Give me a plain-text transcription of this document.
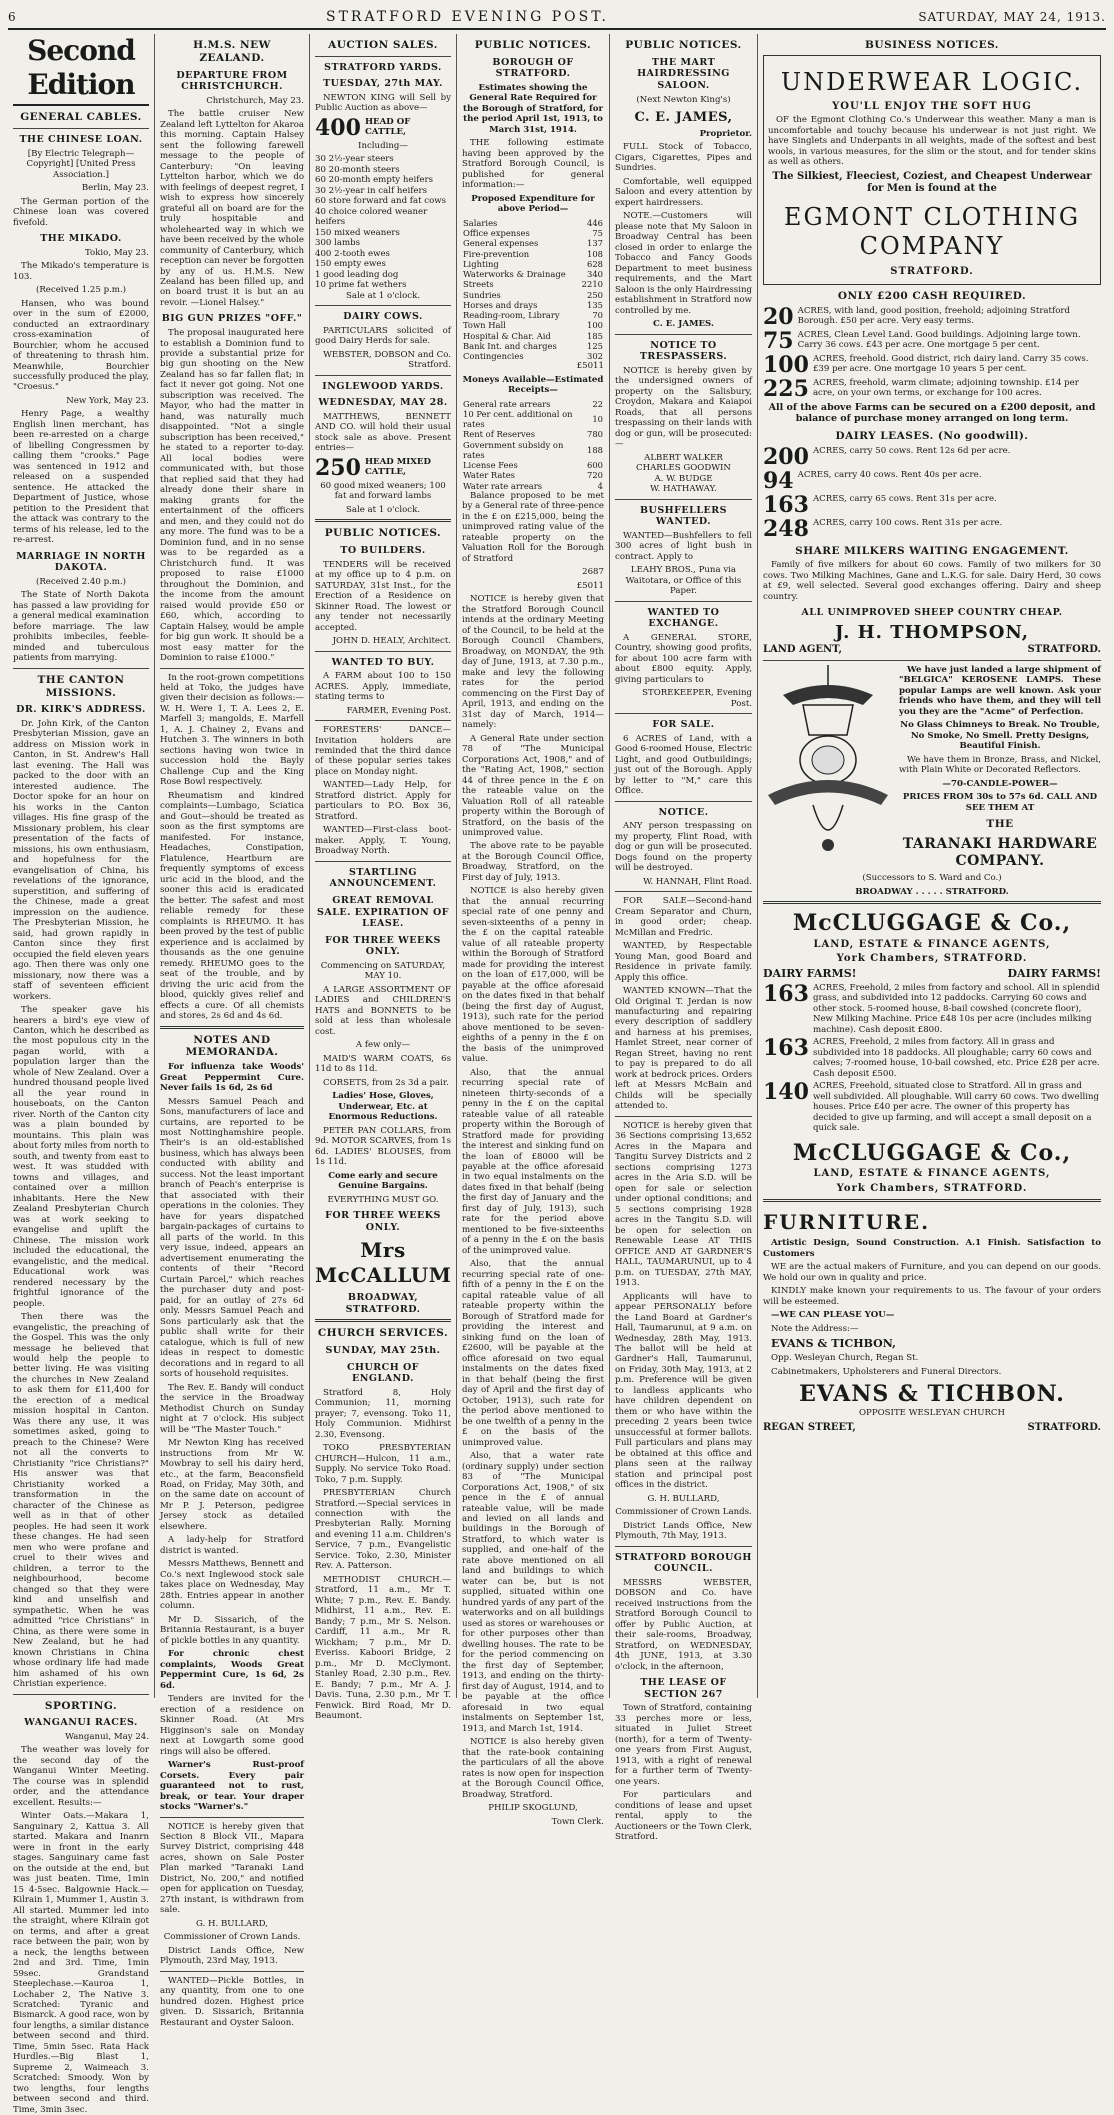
6	STRATFORD EVENING POST.	SATURDAY, MAY 24, 1913.
Second Edition
GENERAL CABLES.
THE CHINESE LOAN.

[By Electric Telegraph—Copyright] [United Press Association.]

Berlin, May 23.

The German portion of the Chinese loan was covered fivefold.

THE MIKADO.

Tokio, May 23.

The Mikado's temperature is 103.

(Received 1.25 p.m.)

Hansen, who was bound over in the sum of £2000, conducted an extraordinary cross-examination of Bourchier, whom he accused of threatening to thrash him. Meanwhile, Bourchier successfully produced the play, "Croesus."

New York, May 23.

Henry Page, a wealthy English linen merchant, has been re-arrested on a charge of libelling Congressmen by calling them "crooks." Page was sentenced in 1912 and released on a suspended sentence. He attacked the Department of Justice, whose petition to the President that the attack was contrary to the terms of his release, led to the re-arrest.

MARRIAGE IN NORTH DAKOTA.

(Received 2.40 p.m.)

The State of North Dakota has passed a law providing for a general medical examination before marriage. The law prohibits imbeciles, feeble-minded and tuberculous patients from marrying.

THE CANTON MISSIONS.
DR. KIRK'S ADDRESS.

Dr. John Kirk, of the Canton Presbyterian Mission, gave an address on Mission work in Canton, in St. Andrew's Hall last evening. The Hall was packed to the door with an interested audience. The Doctor spoke for an hour on his works in the Canton villages. His fine grasp of the Missionary problem, his clear presentation of the facts of missions, his own enthusiasm, and hopefulness for the evangelisation of China, his revelations of the ignorance, superstition, and suffering of the Chinese, made a great impression on the audience. The Presbyterian Mission, he said, had grown rapidly in Canton since they first occupied the field eleven years ago. Then there was only one missionary, now there was a staff of seventeen efficient workers.

The speaker gave his hearers a bird's eye view of Canton, which he described as the most populous city in the pagan world, with a population larger than the whole of New Zealand. Over a hundred thousand people lived all the year round in houseboats, on the Canton river. North of the Canton city was a plain bounded by mountains. This plain was about forty miles from north to south, and twenty from east to west. It was studded with towns and villages, and contained over a million inhabitants. Here the New Zealand Presbyterian Church was at work seeking to evangelise and uplift the Chinese. The mission work included the educational, the evangelistic, and the medical. Educational work was rendered necessary by the frightful ignorance of the people.

Then there was the evangelistic, the preaching of the Gospel. This was the only message he believed that would help the people to better living. He was visiting the churches in New Zealand to ask them for £11,400 for the erection of a medical mission hospital in Canton. Was there any use, it was sometimes asked, going to preach to the Chinese? Were not all the converts to Christianity "rice Christians?" His answer was that Christianity worked a transformation in the character of the Chinese as well as in that of other peoples. He had seen it work these changes. He had seen men who were profane and cruel to their wives and children, a terror to the neighbourhood, become changed so that they were kind and unselfish and sympathetic. When he was admitted "rice Christians" in China, as there were some in New Zealand, but he had known Christians in China whose ordinary life had made him ashamed of his own Christian experience.

SPORTING.
WANGANUI RACES.

Wanganui, May 24.

The weather was lovely for the second day of the Wanganui Winter Meeting. The course was in splendid order, and the attendance excellent. Results:—

Winter Oats.—Makara 1, Sanguinary 2, Kattua 3. All started. Makara and Inanrn were in front in the early stages. Sanguinary came fast on the outside at the end, but was just beaten. Time, 1min 15 4-5sec. Balgownie Hack.—Kilrain 1, Mummer 1, Austin 3. All started. Mummer led into the straight, where Kilrain got on terms, and after a great race between the pair, won by a neck, the lengths between 2nd and 3rd. Time, 1min 59sec. Grandstand Steeplechase.—Kauroa 1, Lochaber 2, The Native 3. Scratched: Tyranic and Bismarck. A good race, won by four lengths, a similar distance between second and third. Time, 5min 5sec. Rata Hack Hurdles.—Big Blast 1, Supreme 2, Waimeach 3. Scratched: Smoody. Won by two lengths, four lengths between second and third. Time, 3min 3sec.

H.M.S. NEW ZEALAND.
DEPARTURE FROM CHRISTCHURCH.

Christchurch, May 23.

The battle cruiser New Zealand left Lyttelton for Akaroa this morning. Captain Halsey sent the following farewell message to the people of Canterbury: "On leaving Lyttelton harbor, which we do with feelings of deepest regret, I wish to express how sincerely grateful all on board are for the truly hospitable and wholehearted way in which we have been received by the whole community of Canterbury, which reception can never be forgotten by any of us. H.M.S. New Zealand has been filled up, and on board trust it is but an au revoir. —Lionel Halsey."

BIG GUN PRIZES "OFF."

The proposal inaugurated here to establish a Dominion fund to provide a substantial prize for big gun shooting on the New Zealand has so far fallen flat; in fact it never got going. Not one subscription was received. The Mayor, who had the matter in hand, was naturally much disappointed. "Not a single subscription has been received," he stated to a reporter to-day. All local bodies were communicated with, but those that replied said that they had already done their share in making grants for the entertainment of the officers and men, and they could not do any more. The fund was to be a Dominion fund, and in no sense was to be regarded as a Christchurch fund. It was proposed to raise £1000 throughout the Dominion, and the income from the amount raised would provide £50 or £60, which, according to Captain Halsey, would be ample for big gun work. It should be a most easy matter for the Dominion to raise £1000."

In the root-grown competitions held at Toko, the judges have given their decision as follows:—W. H. Were 1, T. A. Lees 2, E. Marfell 3; mangolds, E. Marfell 1, A. J. Chainey 2, Evans and Hutchen 3. The winners in both sections having won twice in succession hold the Bayly Challenge Cup and the King Rose Bowl respectively.

Rheumatism and kindred complaints—Lumbago, Sciatica and Gout—should be treated as soon as the first symptoms are manifested. For instance, Headaches, Constipation, Flatulence, Heartburn are frequently symptoms of excess uric acid in the blood, and the sooner this acid is eradicated the better. The safest and most reliable remedy for these complaints is RHEUMO. It has been proved by the test of public experience and is acclaimed by thousands as the one genuine remedy. RHEUMO goes to the seat of the trouble, and by driving the uric acid from the blood, quickly gives relief and effects a cure. Of all chemists and stores, 2s 6d and 4s 6d.

NOTES AND MEMORANDA.

For influenza take Woods' Great Peppermint Cure. Never fails 1s 6d, 2s 6d

Messrs Samuel Peach and Sons, manufacturers of lace and curtains, are reported to be most Nottinghamshire people. Their's is an old-established business, which has always been conducted with ability and success. Not the least important branch of Peach's enterprise is that associated with their operations in the colonies. They have for years dispatched bargain-packages of curtains to all parts of the world. In this very issue, indeed, appears an advertisement enumerating the contents of their "Record Curtain Parcel," which reaches the purchaser duty and post-paid, for an outlay of 27s 6d only. Messrs Samuel Peach and Sons particularly ask that the public shall write for their catalogue, which is full of new ideas in respect to domestic decorations and in regard to all sorts of household requisites.

The Rev. E. Bandy will conduct the service in the Broadway Methodist Church on Sunday night at 7 o'clock. His subject will be "The Master Touch."

Mr Newton King has received instructions from Mr W. Mowbray to sell his dairy herd, etc., at the farm, Beaconsfield Road, on Friday, May 30th, and on the same date on account of Mr P. J. Peterson, pedigree Jersey stock as detailed elsewhere.

A lady-help for Stratford district is wanted.

Messrs Matthews, Bennett and Co.'s next Inglewood stock sale takes place on Wednesday, May 28th. Entries appear in another column.

Mr D. Sissarich, of the Britannia Restaurant, is a buyer of pickle bottles in any quantity.

For chronic chest complaints, Woods Great Peppermint Cure, 1s 6d, 2s 6d.

Tenders are invited for the erection of a residence on Skinner Road. (At Mrs Higginson's sale on Monday next at Lowgarth some good rings will also be offered.

Warner's Rust-proof Corsets. Every pair guaranteed not to rust, break, or tear. Your draper stocks "Warner's."

NOTICE is hereby given that Section 8 Block VII., Mapara Survey District, comprising 448 acres, shown on Sale Poster Plan marked "Taranaki Land District, No. 200," and notified open for application on Tuesday, 27th instant, is withdrawn from sale.

G. H. BULLARD,

Commissioner of Crown Lands.

District Lands Office, New Plymouth, 23rd May, 1913.

WANTED—Pickle Bottles, in any quantity, from one to one hundred dozen. Highest price given. D. Sissarich, Britannia Restaurant and Oyster Saloon.

AUCTION SALES.
STRATFORD YARDS.
TUESDAY, 27th MAY.

NEWTON KING will Sell by Public Auction as above—

400 HEAD OF CATTLE,

Including—

30 2½-year steers
80 20-month steers
60 20-month empty heifers
30 2½-year in calf heifers
60 store forward and fat cows
40 choice colored weaner heifers
150 mixed weaners
300 lambs
400 2-tooth ewes
150 empty ewes
1 good leading dog
10 prime fat wethers

Sale at 1 o'clock.

DAIRY COWS.

PARTICULARS solicited of good Dairy Herds for sale.

WEBSTER, DOBSON and Co. Stratford.

INGLEWOOD YARDS.
WEDNESDAY, MAY 28.

MATTHEWS, BENNETT AND CO. will hold their usual stock sale as above. Present entries—

250 HEAD MIXED CATTLE,

60 good mixed weaners; 100 fat and forward lambs

Sale at 1 o'clock.

PUBLIC NOTICES.
TO BUILDERS.

TENDERS will be received at my office up to 4 p.m. on SATURDAY, 31st Inst., for the Erection of a Residence on Skinner Road. The lowest or any tender not necessarily accepted.

JOHN D. HEALY, Architect.

WANTED TO BUY.

A FARM about 100 to 150 ACRES. Apply, immediate, stating terms to

FARMER, Evening Post.

FORESTERS' DANCE—Invitation holders are reminded that the third dance of these popular series takes place on Monday night.

WANTED—Lady Help, for Stratford district. Apply for particulars to P.O. Box 36, Stratford.

WANTED—First-class boot-maker. Apply, T. Young, Broadway North.

STARTLING ANNOUNCEMENT.
GREAT REMOVAL SALE. EXPIRATION OF LEASE.
FOR THREE WEEKS ONLY.

Commencing on SATURDAY, MAY 10.

A LARGE ASSORTMENT OF LADIES and CHILDREN'S HATS and BONNETS to be sold at less than wholesale cost.

A few only—

MAID'S WARM COATS, 6s 11d to 8s 11d.

CORSETS, from 2s 3d a pair.

Ladies' Hose, Gloves, Underwear, Etc. at Enormous Reductions.

PETER PAN COLLARS, from 9d. MOTOR SCARVES, from 1s 6d. LADIES' BLOUSES, from 1s 11d.

Come early and secure Genuine Bargains.

EVERYTHING MUST GO.

FOR THREE WEEKS ONLY.
Mrs McCALLUM
BROADWAY, STRATFORD.
CHURCH SERVICES.
SUNDAY, MAY 25th.
CHURCH OF ENGLAND.

Stratford 8, Holy Communion; 11, morning prayer; 7, evensong. Toko 11, Holy Communion. Midhirst 2.30, Evensong.

TOKO PRESBYTERIAN CHURCH—Hulcon, 11 a.m., Supply. No service Toko Road. Toko, 7 p.m. Supply.

PRESBYTERIAN Church Stratford.—Special services in connection with the Presbyterian Rally. Morning and evening 11 a.m. Children's Service, 7 p.m., Evangelistic Service. Toko, 2.30, Minister Rev. A. Patterson.

METHODIST CHURCH.—Stratford, 11 a.m., Mr T. White; 7 p.m., Rev. E. Bandy. Midhirst, 11 a.m., Rev. E. Bandy; 7 p.m., Mr S. Nelson. Cardiff, 11 a.m., Mr R. Wickham; 7 p.m., Mr D. Everiss. Kaboori Bridge, 2 p.m., Mr D. McClymont. Stanley Road, 2.30 p.m., Rev. E. Bandy; 7 p.m., Mr A. J. Davis. Tuna, 2.30 p.m., Mr T. Fenwick. Bird Road, Mr D. Beaumont.

PUBLIC NOTICES.
BOROUGH OF STRATFORD.

Estimates showing the General Rate Required for the Borough of Stratford, for the period April 1st, 1913, to March 31st, 1914.

THE following estimate having been approved by the Stratford Borough Council, is published for general information:—

Proposed Expenditure for above Period—

Salaries	446
Office expenses	75
General expenses	137
Fire-prevention	108
Lighting	628
Waterworks & Drainage	340
Streets	2210
Sundries	250
Horses and drays	135
Reading-room, Library	70
Town Hall	100
Hospital & Char. Aid	185
Bank Int. and charges	125
Contingencies	302

£5011

Moneys Available—Estimated Receipts—

General rate arrears	22
10 Per cent. additional on rates	10
Rent of Reserves	780
Government subsidy on rates	188
License Fees	600
Water Rates	720
Water rate arrears	4

Balance proposed to be met by a General rate of three-pence in the £ on £215,000, being the unimproved rating value of the rateable property on the Valuation Roll for the Borough of Stratford

2687

£5011

NOTICE is hereby given that the Stratford Borough Council intends at the ordinary Meeting of the Council, to be held at the Borough Council Chambers, Broadway, on MONDAY, the 9th day of June, 1913, at 7.30 p.m., make and levy the following rates for the period commencing on the First Day of April, 1913, and ending on the 31st day of March, 1914—namely:

A General Rate under section 78 of "The Municipal Corporations Act, 1908," and of the "Rating Act, 1908," section 44 of three pence in the £ on the rateable value on the Valuation Roll of all rateable property within the Borough of Stratford, on the basis of the unimproved value.

The above rate to be payable at the Borough Council Office, Broadway, Stratford, on the First day of July, 1913.

NOTICE is also hereby given that the annual recurring special rate of one penny and seven-sixteenths of a penny in the £ on the capital rateable value of all rateable property within the Borough of Stratford made for providing the interest on the loan of £17,000, will be payable at the office aforesaid on the dates fixed in that behalf (being the first day of August, 1913), such rate for the period above mentioned to be seven-eighths of a penny in the £ on the basis of the unimproved value.

Also, that the annual recurring special rate of nineteen thirty-seconds of a penny in the £ on the capital rateable value of all rateable property within the Borough of Stratford made for providing the interest and sinking fund on the loan of £8000 will be payable at the office aforesaid in two equal instalments on the dates fixed in that behalf (being the first day of January and the first day of July, 1913), such rate for the period above mentioned to be five-sixteenths of a penny in the £ on the basis of the unimproved value.

Also, that the annual recurring special rate of one-fifth of a penny in the £ on the capital rateable value of all rateable property within the Borough of Stratford made for providing the interest and sinking fund on the loan of £2600, will be payable at the office aforesaid on two equal instalments on the dates fixed in that behalf (being the first day of April and the first day of October, 1913), such rate for the period above mentioned to be one twelfth of a penny in the £ on the basis of the unimproved value.

Also, that a water rate (ordinary supply) under section 83 of "The Municipal Corporations Act, 1908," of six pence in the £ of annual rateable value, will be made and levied on all lands and buildings in the Borough of Stratford, to which water is supplied, and one-half of the rate above mentioned on all land and buildings to which water can be, but is not supplied, situated within one hundred yards of any part of the waterworks and on all buildings used as stores or warehouses or for other purposes other than dwelling houses. The rate to be for the period commencing on the first day of September, 1913, and ending on the thirty-first day of August, 1914, and to be payable at the office aforesaid in two equal instalments on September 1st, 1913, and March 1st, 1914.

NOTICE is also hereby given that the rate-book containing the particulars of all the above rates is now open for inspection at the Borough Council Office, Broadway, Stratford.

PHILIP SKOGLUND,

Town Clerk.

PUBLIC NOTICES.
THE MART HAIRDRESSING SALOON.

(Next Newton King's)

C. E. JAMES,

Proprietor.

FULL Stock of Tobacco, Cigars, Cigarettes, Pipes and Sundries.

Comfortable, well equipped Saloon and every attention by expert hairdressers.

NOTE.—Customers will please note that My Saloon in Broadway Central has been closed in order to enlarge the Tobacco and Fancy Goods Department to meet business requirements, and the Mart Saloon is the only Hairdressing establishment in Stratford now controlled by me.

C. E. JAMES.

NOTICE TO TRESPASSERS.

NOTICE is hereby given by the undersigned owners of property on the Salisbury, Croydon, Makara and Kaiapoi Roads, that all persons trespassing on their lands with dog or gun, will be prosecuted:—

ALBERT WALKER
CHARLES GOODWIN
A. W. BUDGE
W. HATHAWAY.
BUSHFELLERS WANTED.

WANTED—Bushfellers to fell 300 acres of light bush in contract. Apply to

LEAHY BROS., Puna via Waitotara, or Office of this Paper.

WANTED TO EXCHANGE.

A GENERAL STORE, Country, showing good profits, for about 100 acre farm with about £800 equity. Apply, giving particulars to

STOREKEEPER, Evening Post.

FOR SALE.

6 ACRES of Land, with a Good 6-roomed House, Electric Light, and good Outbuildings; just out of the Borough. Apply by letter to "M," care this Office.

NOTICE.

ANY person trespassing on my property, Flint Road, with dog or gun will be prosecuted. Dogs found on the property will be destroyed.

W. HANNAH, Flint Road.

FOR SALE—Second-hand Cream Separator and Churn, in good order; cheap. McMillan and Fredric.

WANTED, by Respectable Young Man, good Board and Residence in private family. Apply this office.

WANTED KNOWN—That the Old Original T. Jerdan is now manufacturing and repairing every description of saddlery and harness at his premises, Hamlet Street, near corner of Regan Street, having no rent to pay is prepared to do all work at bedrock prices. Orders left at Messrs McBain and Childs will be specially attended to.

NOTICE is hereby given that 36 Sections comprising 13,652 Acres in the Mapara and Tangitu Survey Districts and 2 sections comprising 1273 acres in the Aria S.D. will be open for sale or selection under optional conditions; and 5 sections comprising 1928 acres in the Tangitu S.D. will be open for selection on Renewable Lease AT THIS OFFICE AND AT GARDNER'S HALL, TAUMARUNUI, up to 4 p.m. on TUESDAY, 27th MAY, 1913.

Applicants will have to appear PERSONALLY before the Land Board at Gardner's Hall, Taumarunui, at 9 a.m. on Wednesday, 28th May, 1913. The ballot will be held at Gardner's Hall, Taumarunui, on Friday, 30th May, 1913, at 2 p.m. Preference will be given to landless applicants who have children dependent on them or who have within the preceding 2 years been twice unsuccessful at former ballots. Full particulars and plans may be obtained at this office and plans seen at the railway station and principal post offices in the district.

G. H. BULLARD,

Commissioner of Crown Lands.

District Lands Office, New Plymouth, 7th May, 1913.

STRATFORD BOROUGH COUNCIL.

MESSRS WEBSTER, DOBSON and Co. have received instructions from the Stratford Borough Council to offer by Public Auction, at their sale-rooms, Broadway, Stratford, on WEDNESDAY, 4th JUNE, 1913, at 3.30 o'clock, in the afternoon,

THE LEASE OF SECTION 267

Town of Stratford, containing 33 perches more or less, situated in Juliet Street (north), for a term of Twenty-one years from First August, 1913, with a right of renewal for a further term of Twenty-one years.

For particulars and conditions of lease and upset rental, apply to the Auctioneers or the Town Clerk, Stratford.

BUSINESS NOTICES.
UNDERWEAR LOGIC.
YOU'LL ENJOY THE SOFT HUG

OF the Egmont Clothing Co.'s Underwear this weather. Many a man is uncomfortable and touchy because his underwear is not just right. We have Singlets and Underpants in all weights, made of the softest and best wools, in various measures, for the slim or the stout, and for tender skins as well as others.

The Silkiest, Fleeciest, Coziest, and Cheapest Underwear for Men is found at the

EGMONT CLOTHING COMPANY
STRATFORD.
ONLY £200 CASH REQUIRED.
20 ACRES, with land, good position, freehold; adjoining Stratford Borough. £50 per acre. Very easy terms.
75 ACRES, Clean Level Land. Good buildings. Adjoining large town. Carry 36 cows. £43 per acre. One mortgage 5 per cent.
100 ACRES, freehold. Good district, rich dairy land. Carry 35 cows. £39 per acre. One mortgage 10 years 5 per cent.
225 ACRES, freehold, warm climate; adjoining township. £14 per acre, on your own terms, or exchange for 100 acres.

All of the above Farms can be secured on a £200 deposit, and balance of purchase money arranged on long term.

DAIRY LEASES. (No goodwill).
200 ACRES, carry 50 cows. Rent 12s 6d per acre.
94 ACRES, carry 40 cows. Rent 40s per acre.
163 ACRES, carry 65 cows. Rent 31s per acre.
248 ACRES, carry 100 cows. Rent 31s per acre.
SHARE MILKERS WAITING ENGAGEMENT.

Family of five milkers for about 60 cows. Family of two milkers for 30 cows. Two Milking Machines, Gane and L.K.G. for sale. Dairy Herd, 30 cows at £9, well selected. Several good exchanges offering. Dairy and sheep country.

ALL UNIMPROVED SHEEP COUNTRY CHEAP.
J. H. THOMPSON,
LAND AGENT,	STRATFORD.

We have just landed a large shipment of "BELGICA" KEROSENE LAMPS. These popular Lamps are well known. Ask your friends who have them, and they will tell you they are the "Acme" of Perfection.

No Glass Chimneys to Break. No Trouble, No Smoke, No Smell. Pretty Designs, Beautiful Finish.

We have them in Bronze, Brass, and Nickel, with Plain White or Decorated Reflectors.

—70-CANDLE-POWER—

PRICES FROM 30s to 57s 6d. CALL AND SEE THEM AT

THE
TARANAKI HARDWARE COMPANY.

(Successors to S. Ward and Co.)

BROADWAY . . . . . STRATFORD.

McCLUGGAGE & Co.,
LAND, ESTATE & FINANCE AGENTS,
York Chambers, STRATFORD.
DAIRY FARMS!	DAIRY FARMS!
163 ACRES, Freehold, 2 miles from factory and school. All in splendid grass, and subdivided into 12 paddocks. Carrying 60 cows and other stock. 5-roomed house, 8-bail cowshed (concrete floor), New Milking Machine. Price £48 10s per acre (includes milking machine). Cash deposit £800.
163 ACRES, Freehold, 2 miles from factory. All in grass and subdivided into 18 paddocks. All ploughable; carry 60 cows and calves; 7-roomed house, 10-bail cowshed, etc. Price £28 per acre. Cash deposit £500.
140 ACRES, Freehold, situated close to Stratford. All in grass and well subdivided. All ploughable. Will carry 60 cows. Two dwelling houses. Price £40 per acre. The owner of this property has decided to give up farming, and will accept a small deposit on a quick sale.
McCLUGGAGE & Co.,
LAND, ESTATE & FINANCE AGENTS,
York Chambers, STRATFORD.
FURNITURE.

Artistic Design, Sound Construction. A.1 Finish. Satisfaction to Customers

WE are the actual makers of Furniture, and you can depend on our goods. We hold our own in quality and price.

KINDLY make known your requirements to us. The favour of your orders will be esteemed.

—WE CAN PLEASE YOU—

Note the Address:—

EVANS & TICHBON,

Opp. Wesleyan Church, Regan St.

Cabinetmakers, Upholsterers and Funeral Directors.

EVANS & TICHBON.

OPPOSITE WESLEYAN CHURCH

REGAN STREET,	STRATFORD.
